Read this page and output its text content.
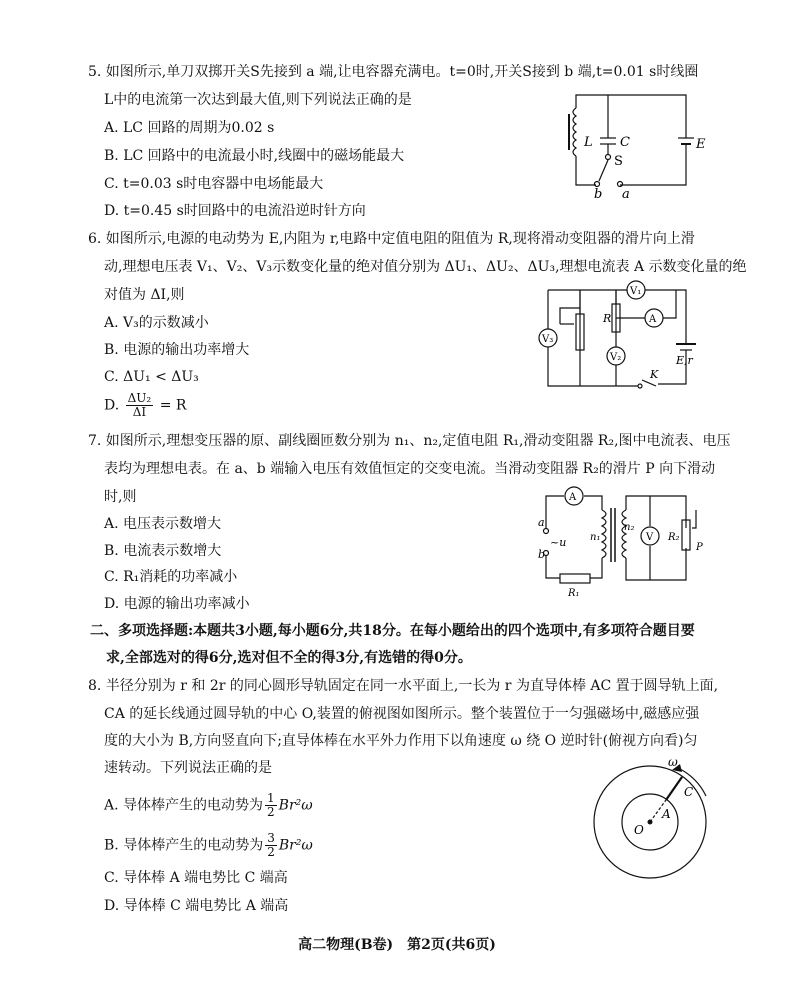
5. 如图所示,单刀双掷开关S先接到 a 端,让电容器充满电。t=0时,开关S接到 b 端,t=0.01 s时线圈
L中的电流第一次达到最大值,则下列说法正确的是
A. LC 回路的周期为0.02 s
B. LC 回路中的电流最小时,线圈中的磁场能最大
C. t=0.03 s时电容器中电场能最大
D. t=0.45 s时回路中的电流沿逆时针方向
L C
S
E
b a
6. 如图所示,电源的电动势为 E,内阻为 r,电路中定值电阻的阻值为 R,现将滑动变阻器的滑片向上滑
动,理想电压表 V₁、V₂、V₃示数变化量的绝对值分别为 ΔU₁、ΔU₂、ΔU₃,理想电流表 A 示数变化量的绝
对值为 ΔI,则
A. V₃的示数减小
B. 电源的输出功率增大
C. ΔU₁ < ΔU₃
D. $\frac{\text{ΔU₂}}{\Delta I} = R$
V₁
A
V₃
V₂
R
E,r
K
7. 如图所示,理想变压器的原、副线圈匝数分别为 n₁、n₂,定值电阻 R₁,滑动变阻器 R₂,图中电流表、电压
表均为理想电表。在 a、b 端输入电压有效值恒定的交变电流。当滑动变阻器 R₂的滑片 P 向下滑动
时,则
A. 电压表示数增大
B. 电流表示数增大
C. R₁消耗的功率减小
D. 电源的输出功率减小
A
V
a
b
~u n₁
n₂
R₁
R₂
P
二、多项选择题:本题共3小题,每小题6分,共18分。在每小题给出的四个选项中,有多项符合题目要
求,全部选对的得6分,选对但不全的得3分,有选错的得0分。
8. 半径分别为 r 和 2r 的同心圆形导轨固定在同一水平面上,一长为 r 为直导体棒 AC 置于圆导轨上面,
CA 的延长线通过圆导轨的中心 O,装置的俯视图如图所示。整个装置位于一匀强磁场中,磁感应强
度的大小为 B,方向竖直向下;直导体棒在水平外力作用下以角速度 ω 绕 O 逆时针(俯视方向看)匀
速转动。下列说法正确的是
A. 导体棒产生的电动势为 $\frac{1}{2} Br^2\omega$
B. 导体棒产生的电动势为 $\frac{3}{2} Br^2\omega$
C. 导体棒 A 端电势比 C 端高
D. 导体棒 C 端电势比 A 端高
ω
C
A
O
高二物理(B卷)　第2页(共6页)
